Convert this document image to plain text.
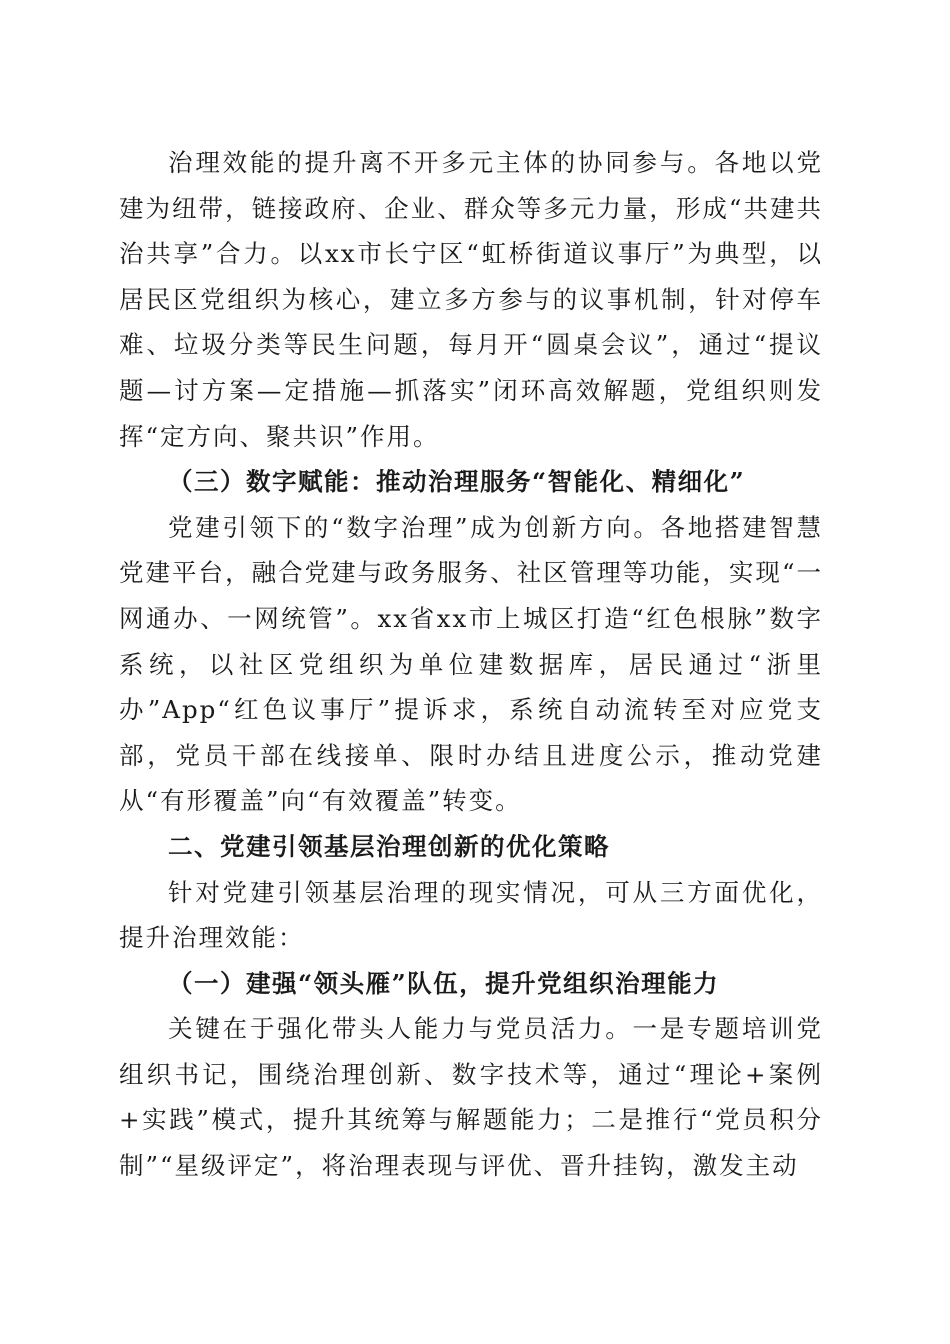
治理效能的提升离不开多元主体的协同参与。各地以党建为纽带，链接政府、企业、群众等多元力量，形成“共建共治共享”合力。以xx市长宁区“虹桥街道议事厅”为典型，以居民区党组织为核心，建立多方参与的议事机制，针对停车难、垃圾分类等民生问题，每月开“圆桌会议”，通过“提议题—讨方案—定措施—抓落实”闭环高效解题，党组织则发挥“定方向、聚共识”作用。

（三）数字赋能：推动治理服务“智能化、精细化”

党建引领下的“数字治理”成为创新方向。各地搭建智慧党建平台，融合党建与政务服务、社区管理等功能，实现“一网通办、一网统管”。xx省xx市上城区打造“红色根脉”数字系统，以社区党组织为单位建数据库，居民通过“浙里办”App“红色议事厅”提诉求，系统自动流转至对应党支部，党员干部在线接单、限时办结且进度公示，推动党建从“有形覆盖”向“有效覆盖”转变。

二、党建引领基层治理创新的优化策略

针对党建引领基层治理的现实情况，可从三方面优化，提升治理效能：

（一）建强“领头雁”队伍，提升党组织治理能力

关键在于强化带头人能力与党员活力。一是专题培训党组织书记，围绕治理创新、数字技术等，通过“理论+案例+实践”模式，提升其统筹与解题能力；二是推行“党员积分制”“星级评定”，将治理表现与评优、晋升挂钩，激发主动
